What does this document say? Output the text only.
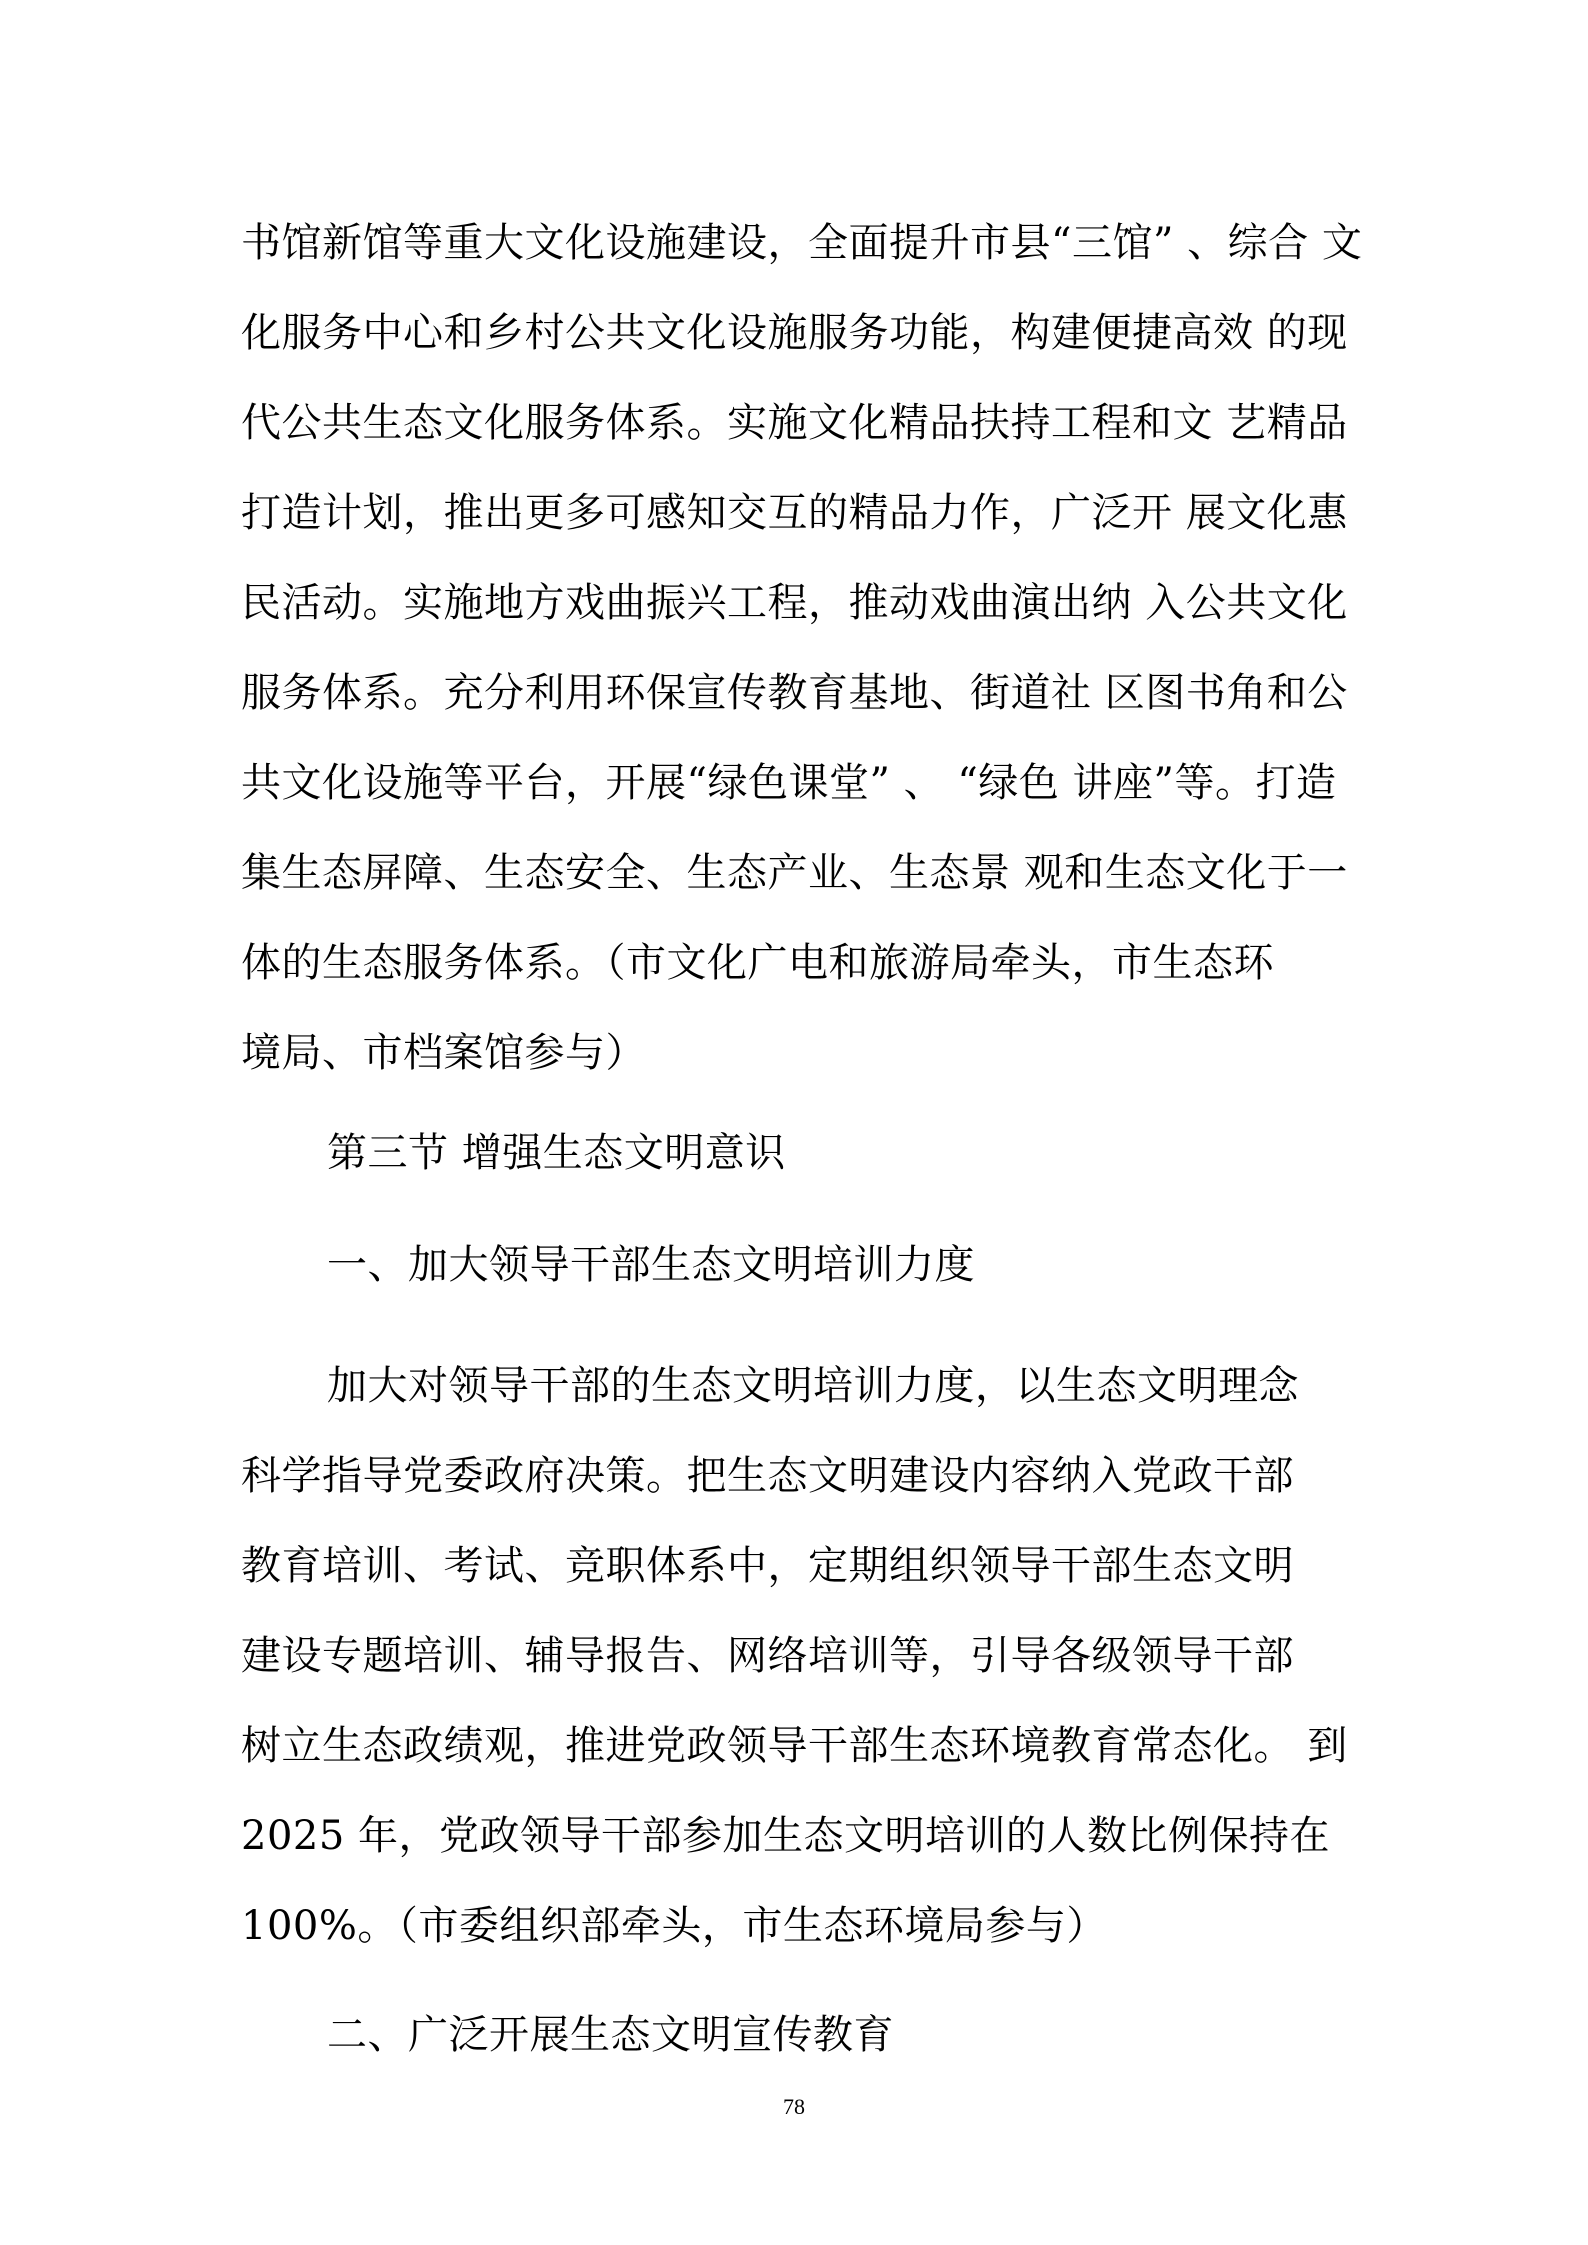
书馆新馆等重大文化设施建设，全面提升市县“三馆” 、综合 文
化服务中心和乡村公共文化设施服务功能，构建便捷高效 的现
代公共生态文化服务体系。实施文化精品扶持工程和文 艺精品
打造计划，推出更多可感知交互的精品力作，广泛开 展文化惠
民活动。实施地方戏曲振兴工程，推动戏曲演出纳 入公共文化
服务体系。充分利用环保宣传教育基地、街道社 区图书角和公
共文化设施等平台，开展“绿色课堂” 、 “绿色 讲座”等。打造
集生态屏障、生态安全、生态产业、生态景 观和生态文化于一
体的生态服务体系。（市文化广电和旅游局牵头，市生态环
境局、市档案馆参与）
第三节 增强生态文明意识
一、加大领导干部生态文明培训力度
加大对领导干部的生态文明培训力度，以生态文明理念
科学指导党委政府决策。把生态文明建设内容纳入党政干部
教育培训、考试、竞职体系中，定期组织领导干部生态文明
建设专题培训、辅导报告、网络培训等，引导各级领导干部
树立生态政绩观，推进党政领导干部生态环境教育常态化。 到
2025 年，党政领导干部参加生态文明培训的人数比例保持在
100%。（市委组织部牵头，市生态环境局参与）
二、广泛开展生态文明宣传教育
78
